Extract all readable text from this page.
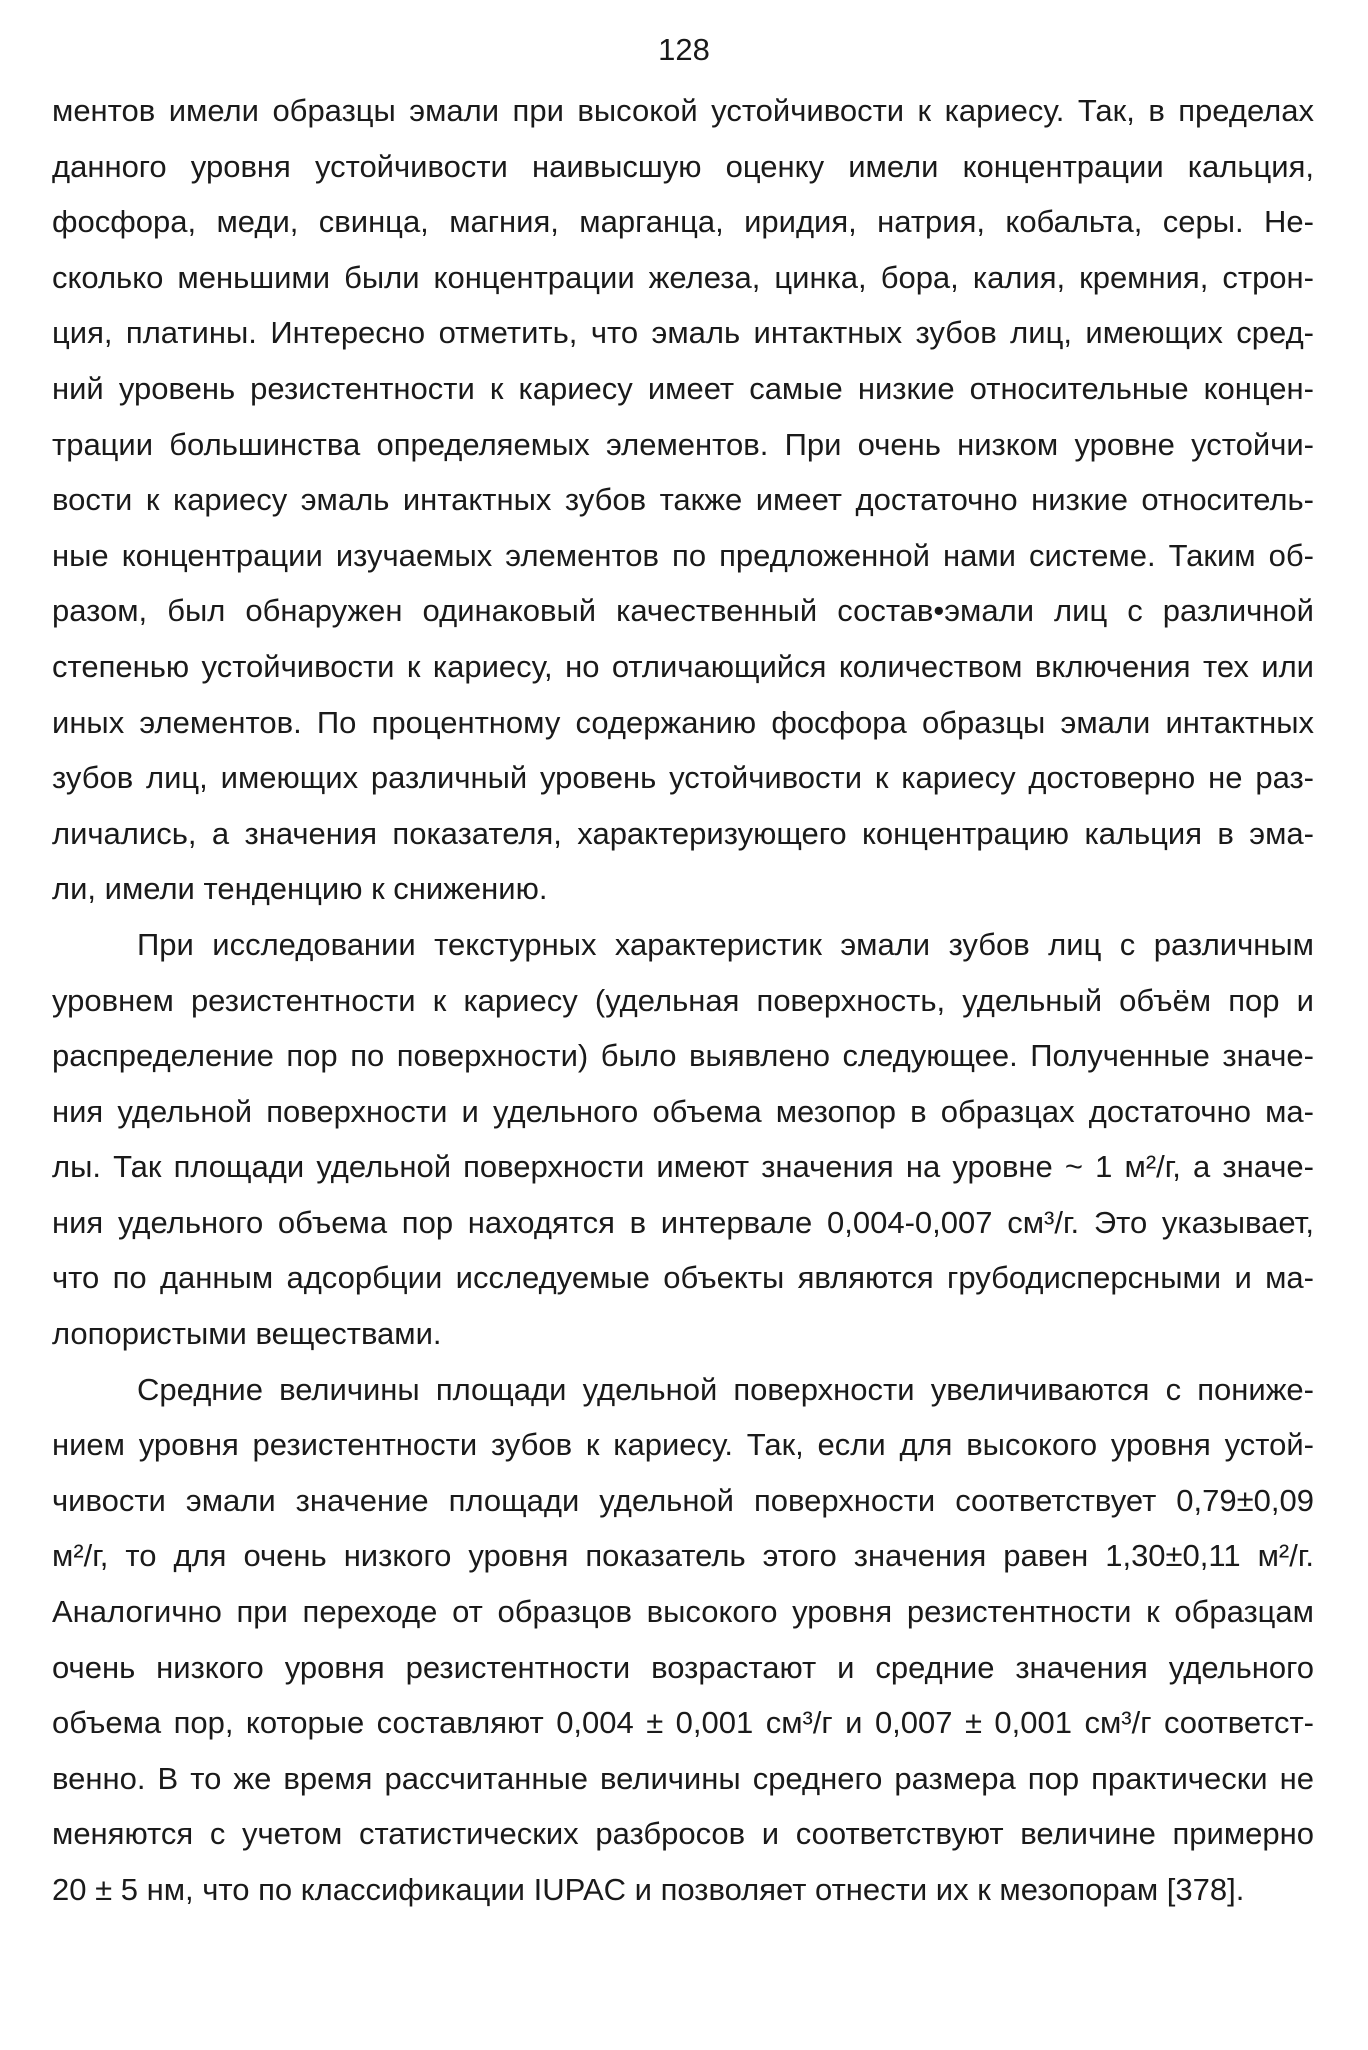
128
ментов имели образцы эмали при высокой устойчивости к кариесу. Так, в пределах
данного уровня устойчивости наивысшую оценку имели концентрации кальция,
фосфора, меди, свинца, магния, марганца, иридия, натрия, кобальта, серы. Не-
сколько меньшими были концентрации железа, цинка, бора, калия, кремния, строн-
ция, платины. Интересно отметить, что эмаль интактных зубов лиц, имеющих сред-
ний уровень резистентности к кариесу имеет самые низкие относительные концен-
трации большинства определяемых элементов. При очень низком уровне устойчи-
вости к кариесу эмаль интактных зубов также имеет достаточно низкие относитель-
ные концентрации изучаемых элементов по предложенной нами системе. Таким об-
разом, был обнаружен одинаковый качественный состав•эмали лиц с различной
степенью устойчивости к кариесу, но отличающийся количеством включения тех или
иных элементов. По процентному содержанию фосфора образцы эмали интактных
зубов лиц, имеющих различный уровень устойчивости к кариесу достоверно не раз-
личались, а значения показателя, характеризующего концентрацию кальция в эма-
ли, имели тенденцию к снижению.
При исследовании текстурных характеристик эмали зубов лиц с различным
уровнем резистентности к кариесу (удельная поверхность, удельный объём пор и
распределение пор по поверхности) было выявлено следующее. Полученные значе-
ния удельной поверхности и удельного объема мезопор в образцах достаточно ма-
лы. Так площади удельной поверхности имеют значения на уровне ~ 1 м²/г, а значе-
ния удельного объема пор находятся в интервале 0,004-0,007 см³/г. Это указывает,
что по данным адсорбции исследуемые объекты являются грубодисперсными и ма-
лопористыми веществами.
Средние величины площади удельной поверхности увеличиваются с пониже-
нием уровня резистентности зубов к кариесу. Так, если для высокого уровня устой-
чивости эмали значение площади удельной поверхности соответствует 0,79±0,09
м²/г, то для очень низкого уровня показатель этого значения равен 1,30±0,11 м²/г.
Аналогично при переходе от образцов высокого уровня резистентности к образцам
очень низкого уровня резистентности возрастают и средние значения удельного
объема пор, которые составляют 0,004 ± 0,001 см³/г и 0,007 ± 0,001 см³/г соответст-
венно. В то же время рассчитанные величины среднего размера пор практически не
меняются с учетом статистических разбросов и соответствуют величине примерно
20 ± 5 нм, что по классификации IUPAC и позволяет отнести их к мезопорам [378].
